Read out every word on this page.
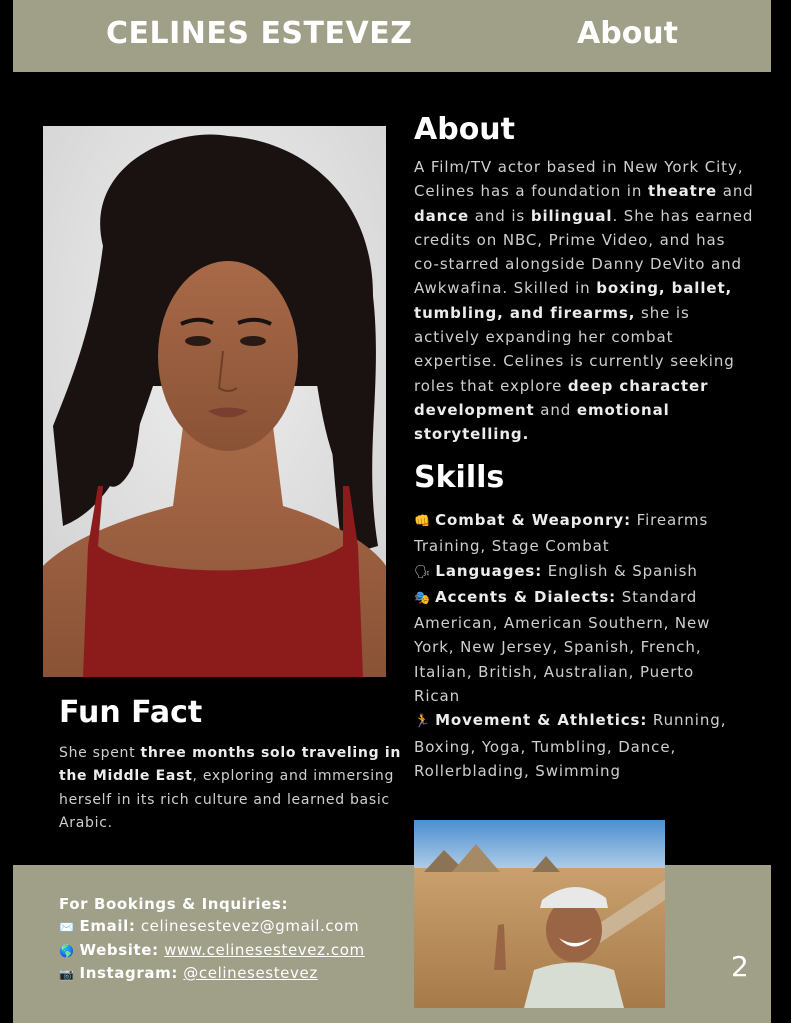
CELINES ESTEVEZ	About
About
A Film/TV actor based in New York City, Celines has a foundation in theatre and dance and is bilingual. She has earned credits on NBC, Prime Video, and has co-starred alongside Danny DeVito and Awkwafina. Skilled in boxing, ballet, tumbling, and firearms, she is actively expanding her combat expertise. Celines is currently seeking roles that explore deep character development and emotional storytelling.
Skills
👊 Combat & Weaponry: Firearms Training, Stage Combat
🗣 Languages: English & Spanish
🎭 Accents & Dialects: Standard American, American Southern, New York, New Jersey, Spanish, French, Italian, British, Australian, Puerto Rican
🏃 Movement & Athletics: Running, Boxing, Yoga, Tumbling, Dance, Rollerblading, Swimming
Fun Fact
She spent three months solo traveling in the Middle East, exploring and immersing herself in its rich culture and learned basic Arabic.
For Bookings & Inquiries:
✉️ Email: celinesestevez@gmail.com
🌎 Website: www.celinesestevez.com
📷 Instagram: @celinesestevez	2
